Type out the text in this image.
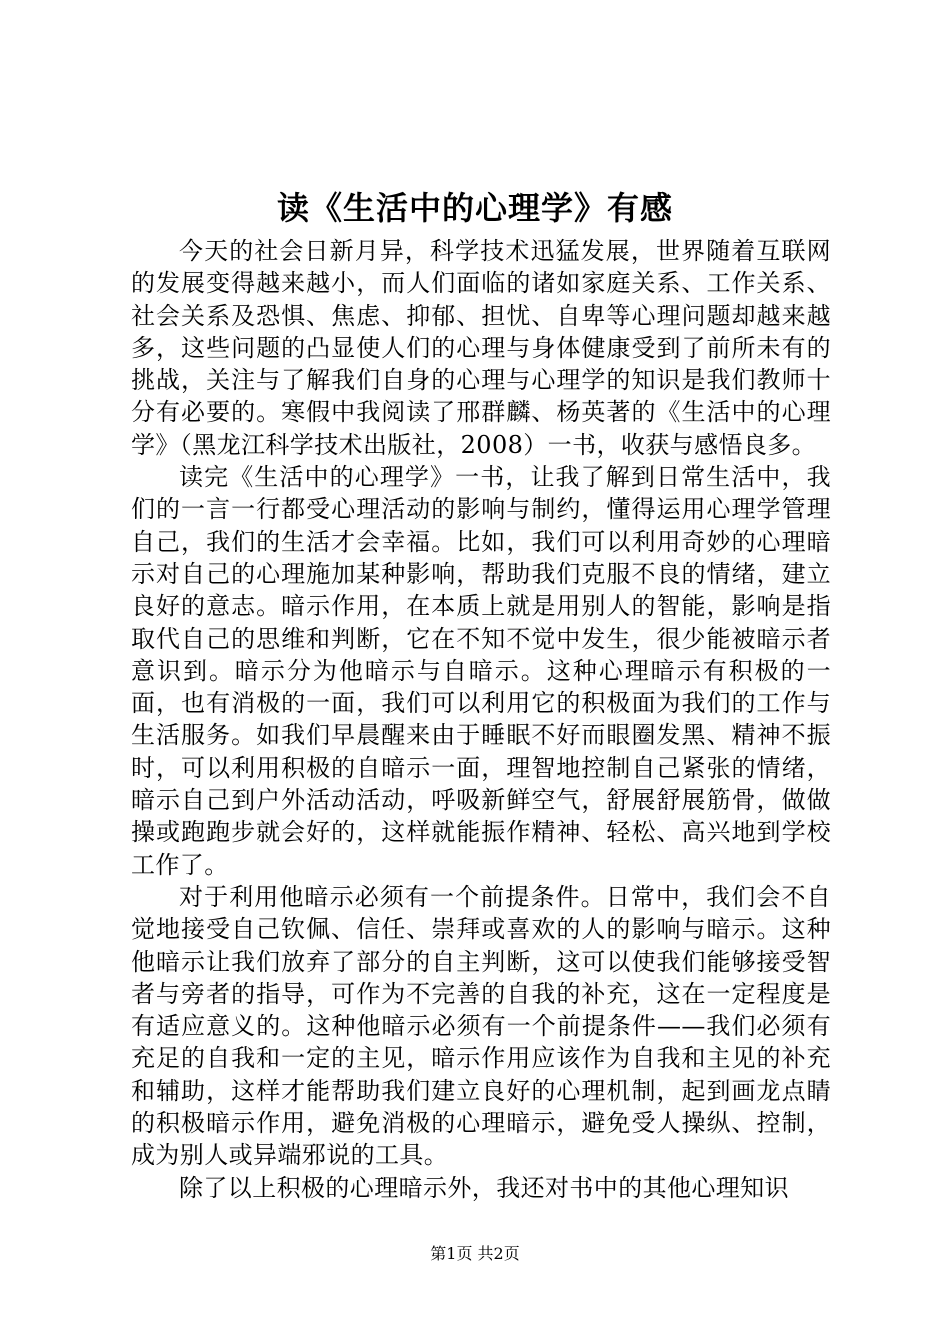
读《生活中的心理学》有感

今天的社会日新月异，科学技术迅猛发展，世界随着互联网的发展变得越来越小，而人们面临的诸如家庭关系、工作关系、社会关系及恐惧、焦虑、抑郁、担忧、自卑等心理问题却越来越多，这些问题的凸显使人们的心理与身体健康受到了前所未有的挑战，关注与了解我们自身的心理与心理学的知识是我们教师十分有必要的。寒假中我阅读了邢群麟、杨英著的《生活中的心理学》（黑龙江科学技术出版社，2008）一书，收获与感悟良多。

读完《生活中的心理学》一书，让我了解到日常生活中，我们的一言一行都受心理活动的影响与制约，懂得运用心理学管理自己，我们的生活才会幸福。比如，我们可以利用奇妙的心理暗示对自己的心理施加某种影响，帮助我们克服不良的情绪，建立良好的意志。暗示作用，在本质上就是用别人的智能，影响是指取代自己的思维和判断，它在不知不觉中发生，很少能被暗示者意识到。暗示分为他暗示与自暗示。这种心理暗示有积极的一面，也有消极的一面，我们可以利用它的积极面为我们的工作与生活服务。如我们早晨醒来由于睡眠不好而眼圈发黑、精神不振时，可以利用积极的自暗示一面，理智地控制自己紧张的情绪，暗示自己到户外活动活动，呼吸新鲜空气，舒展舒展筋骨，做做操或跑跑步就会好的，这样就能振作精神、轻松、高兴地到学校工作了。

对于利用他暗示必须有一个前提条件。日常中，我们会不自觉地接受自己钦佩、信任、崇拜或喜欢的人的影响与暗示。这种他暗示让我们放弃了部分的自主判断，这可以使我们能够接受智者与旁者的指导，可作为不完善的自我的补充，这在一定程度是有适应意义的。这种他暗示必须有一个前提条件——我们必须有充足的自我和一定的主见，暗示作用应该作为自我和主见的补充和辅助，这样才能帮助我们建立良好的心理机制，起到画龙点睛的积极暗示作用，避免消极的心理暗示，避免受人操纵、控制，成为别人或异端邪说的工具。

除了以上积极的心理暗示外，我还对书中的其他心理知识

第1页 共2页
